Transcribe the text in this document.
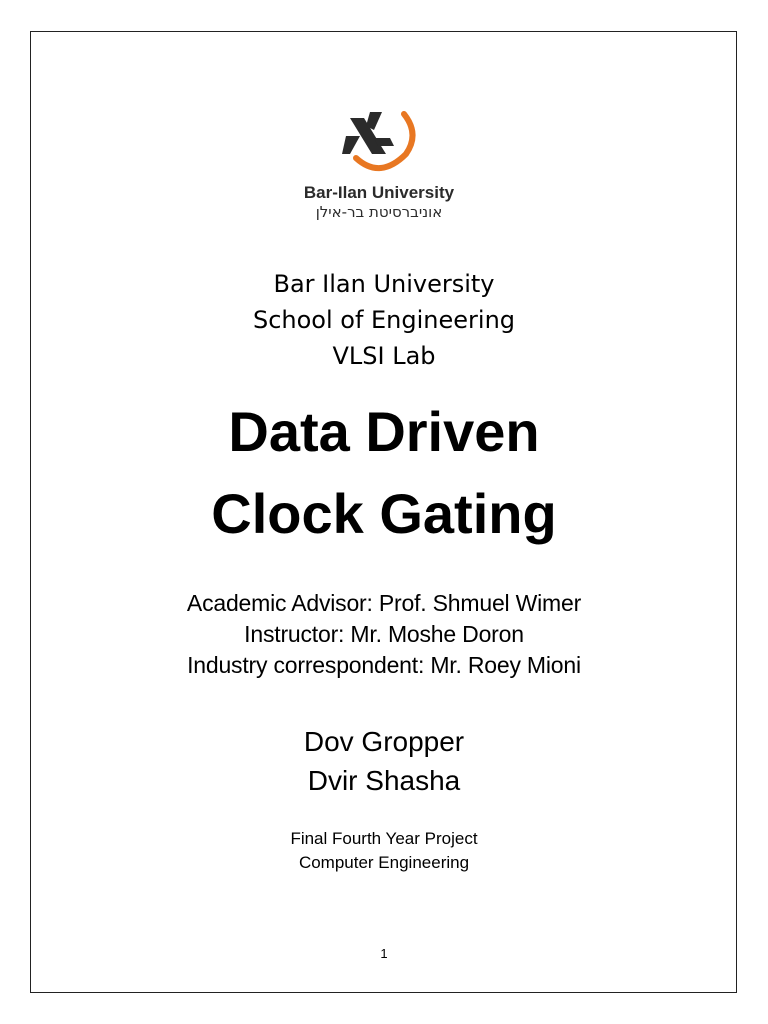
Bar-Ilan University
אוניברסיטת בר-אילן
Bar Ilan University
School of Engineering
VLSI Lab
Data Driven
Clock Gating
Academic Advisor: Prof. Shmuel Wimer
Instructor: Mr. Moshe Doron
Industry correspondent: Mr. Roey Mioni
Dov Gropper
Dvir Shasha
Final Fourth Year Project
Computer Engineering
1
